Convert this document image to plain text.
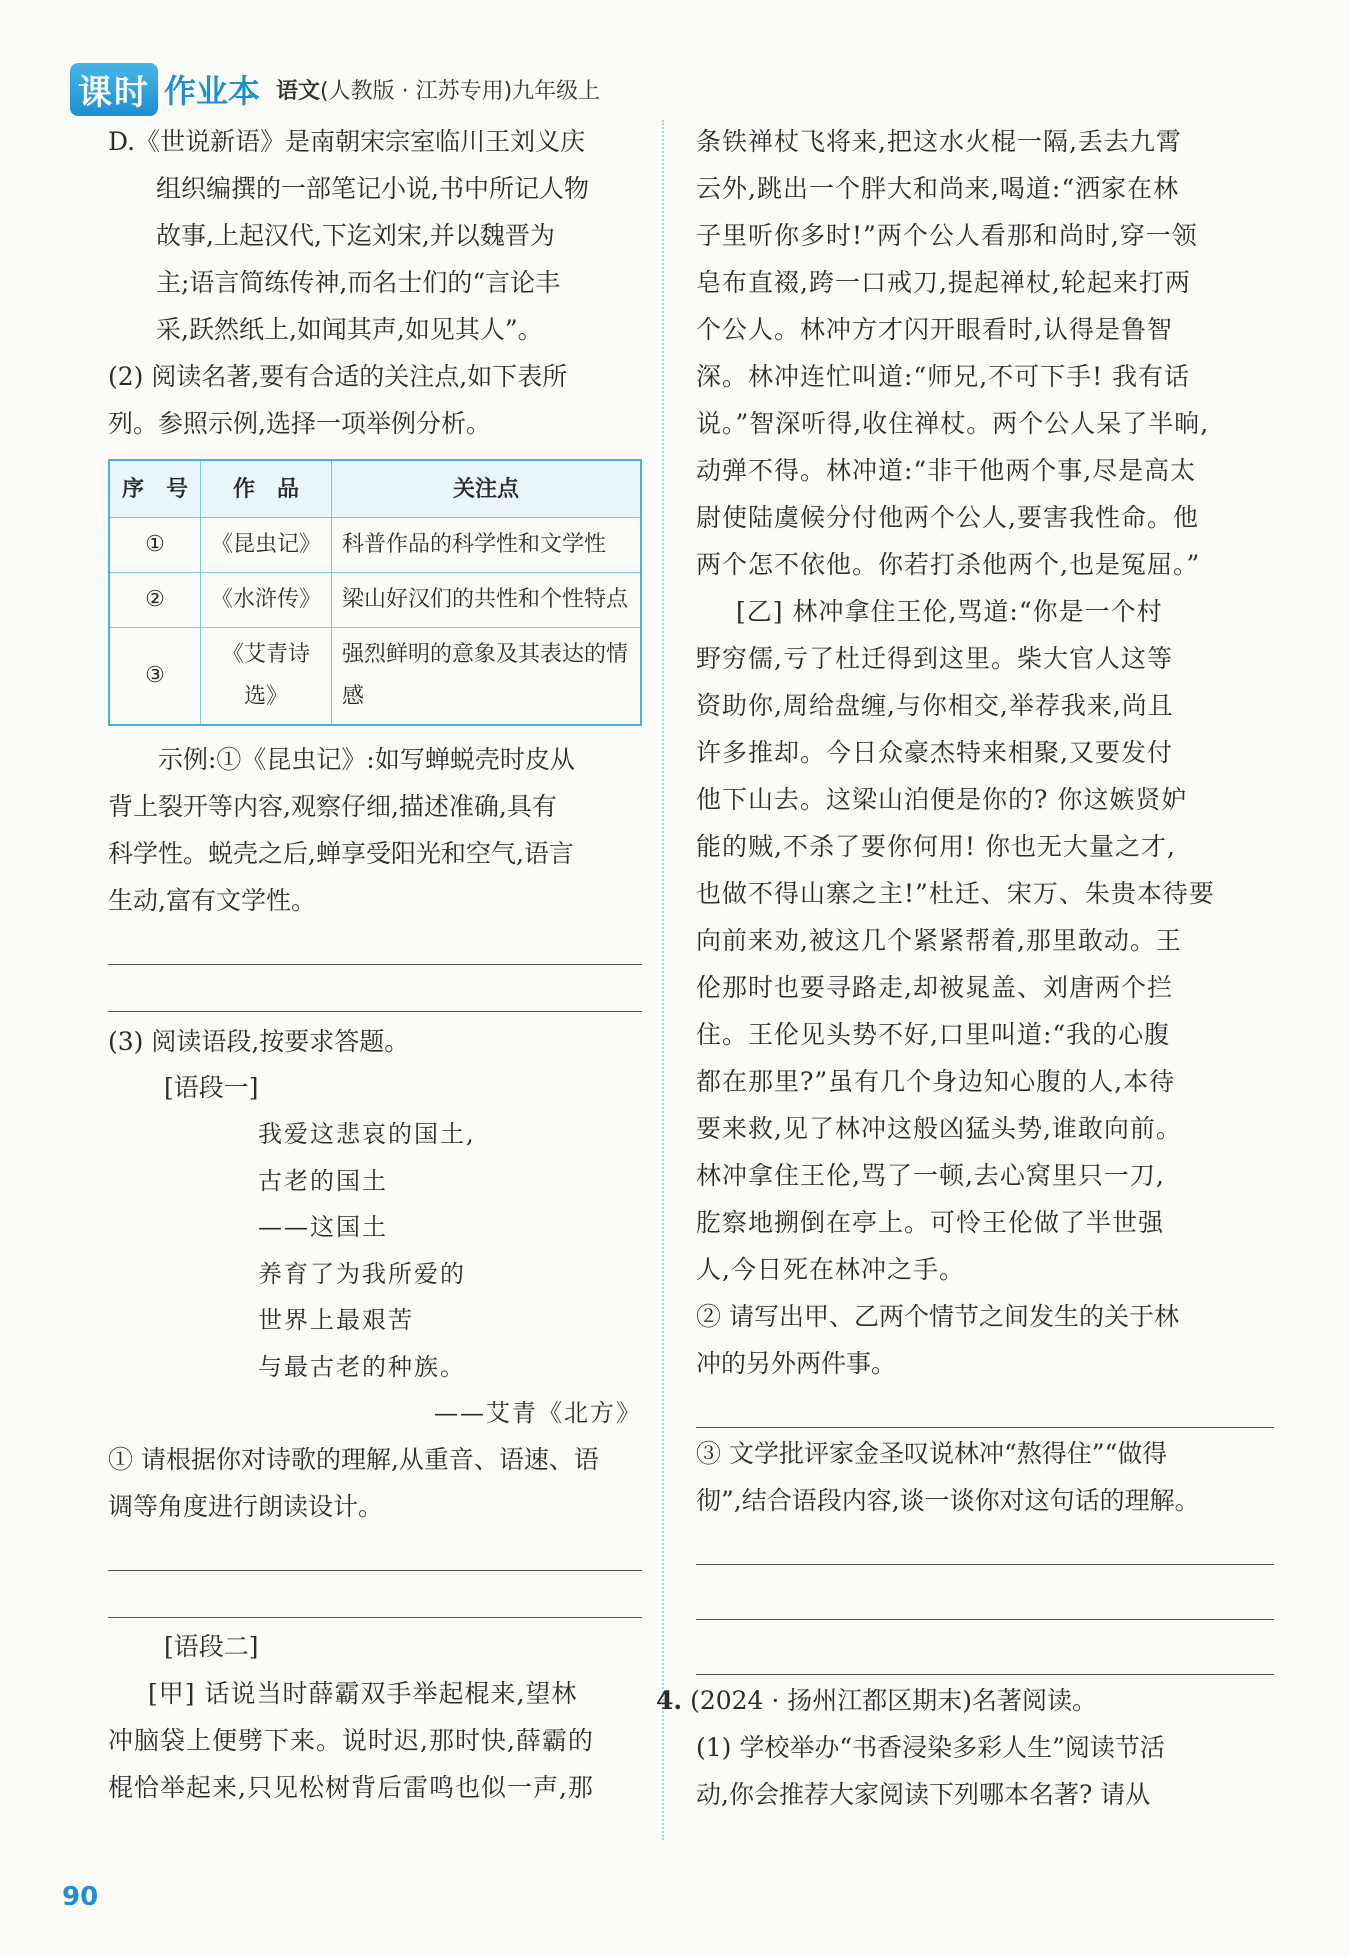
课时 作业本 语文(人教版 · 江苏专用)九年级上

D.《世说新语》是南朝宋宗室临川王刘义庆

组织编撰的一部笔记小说,书中所记人物

故事,上起汉代,下迄刘宋,并以魏晋为

主;语言简练传神,而名士们的“言论丰

采,跃然纸上,如闻其声,如见其人”。

(2) 阅读名著,要有合适的关注点,如下表所

列。参照示例,选择一项举例分析。

序　号	作　品	关注点
①	《昆虫记》	科普作品的科学性和文学性
②	《水浒传》	梁山好汉们的共性和个性特点
③	《艾青诗选》	强烈鲜明的意象及其表达的情感

示例:①《昆虫记》:如写蝉蜕壳时皮从

背上裂开等内容,观察仔细,描述准确,具有

科学性。蜕壳之后,蝉享受阳光和空气,语言

生动,富有文学性。

(3) 阅读语段,按要求答题。

[语段一]

我爱这悲哀的国土,

古老的国土

——这国土

养育了为我所爱的

世界上最艰苦

与最古老的种族。

——艾青《北方》

① 请根据你对诗歌的理解,从重音、语速、语

调等角度进行朗读设计。

[语段二]

[甲] 话说当时薛霸双手举起棍来,望林

冲脑袋上便劈下来。说时迟,那时快,薛霸的

棍恰举起来,只见松树背后雷鸣也似一声,那

条铁禅杖飞将来,把这水火棍一隔,丢去九霄

云外,跳出一个胖大和尚来,喝道:“洒家在林

子里听你多时!”两个公人看那和尚时,穿一领

皂布直裰,跨一口戒刀,提起禅杖,轮起来打两

个公人。林冲方才闪开眼看时,认得是鲁智

深。林冲连忙叫道:“师兄,不可下手! 我有话

说。”智深听得,收住禅杖。两个公人呆了半晌,

动弹不得。林冲道:“非干他两个事,尽是高太

尉使陆虞候分付他两个公人,要害我性命。他

两个怎不依他。你若打杀他两个,也是冤屈。”

[乙] 林冲拿住王伦,骂道:“你是一个村

野穷儒,亏了杜迁得到这里。柴大官人这等

资助你,周给盘缠,与你相交,举荐我来,尚且

许多推却。今日众豪杰特来相聚,又要发付

他下山去。这梁山泊便是你的? 你这嫉贤妒

能的贼,不杀了要你何用! 你也无大量之才,

也做不得山寨之主!”杜迁、宋万、朱贵本待要

向前来劝,被这几个紧紧帮着,那里敢动。王

伦那时也要寻路走,却被晁盖、刘唐两个拦

住。王伦见头势不好,口里叫道:“我的心腹

都在那里?”虽有几个身边知心腹的人,本待

要来救,见了林冲这般凶猛头势,谁敢向前。

林冲拿住王伦,骂了一顿,去心窝里只一刀,

肐察地搠倒在亭上。可怜王伦做了半世强

人,今日死在林冲之手。

② 请写出甲、乙两个情节之间发生的关于林

冲的另外两件事。

③ 文学批评家金圣叹说林冲“熬得住”“做得

彻”,结合语段内容,谈一谈你对这句话的理解。

4. (2024 · 扬州江都区期末)名著阅读。

(1) 学校举办“书香浸染多彩人生”阅读节活

动,你会推荐大家阅读下列哪本名著? 请从

90
